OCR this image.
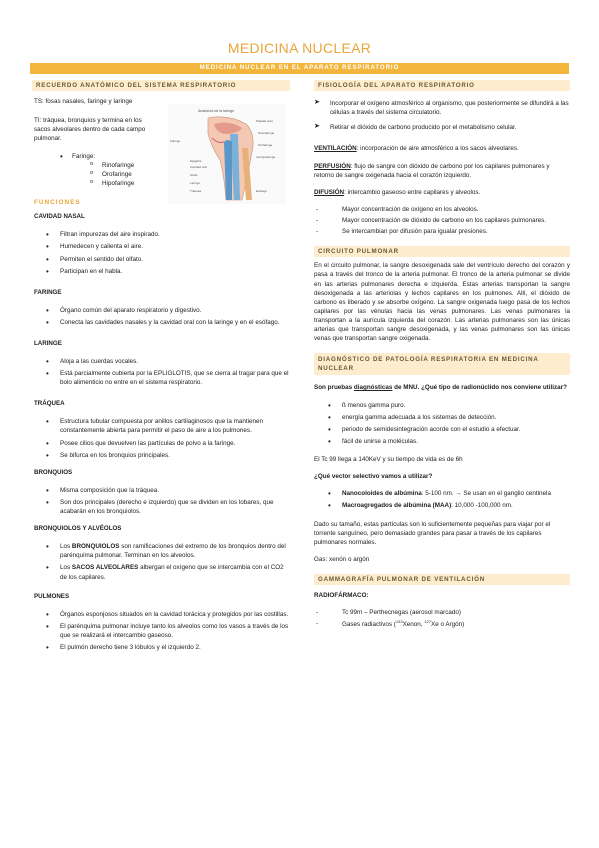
MEDICINA NUCLEAR
MEDICINA NUCLEAR EN EL APARATO RESPIRATORIO
RECUERDO ANATÓMICO DEL SISTEMA RESPIRATORIO
Anatomía de la faringe
Paladar duro
Faringe
Nasofaringe
Orofaringe
Laringofaringe
Epiglotis
Cavidad oral
Glotis
Laringe
Tráquea	Esófago
TS: fosas nasales, faringe y laringe
TI: tráquea, bronquios y termina en los sacos alveolares dentro de cada campo pulmonar.
• Faringe:
o Rinofaringe
o Orofaringe
o Hipofaringe
FUNCIONES
CAVIDAD NASAL
• Filtran impurezas del aire inspirado.
• Humedecen y calienta el aire.
• Permiten el sentido del olfato.
• Participan en el habla.
FARINGE
• Órgano común del aparato respiratorio y digestivo.
• Conecta las cavidades nasales y la cavidad oral con la laringe y en el esófago.
LARINGE
• Aloja a las cuerdas vocales.
• Está parcialmente cubierta por la EPLIGLOTIS, que se cierra al tragar para que el bolo alimenticio no entre en el sistema respiratorio.
TRÁQUEA
• Estructura tubular compuesta por anillos cartilaginosos que la mantienen constantemente abierta para permitir el paso de aire a los pulmones.
• Posee cilios que devuelven las partículas de polvo a la faringe.
• Se bifurca en los bronquios principales.
BRONQUIOS
• Misma composición que la tráquea.
• Son dos principales (derecho e izquierdo) que se dividen en los lobares, que acabarán en los bronquiolos.
BRONQUIOLOS Y ALVÉOLOS
• Los BRONQUIOLOS son ramificaciones del extremo de los bronquios dentro del parénquima pulmonar. Terminan en los alveolos.
• Los SACOS ALVEOLARES albergan el oxígeno que se intercambia con el CO2 de los capilares.
PULMONES
• Órganos esponjosos situados en la cavidad torácica y protegidos por las costillas.
• El parénquima pulmonar incluye tanto los alveolos como los vasos a través de los que se realizará el intercambio gaseoso.
• El pulmón derecho tiene 3 lóbulos y el izquierdo 2.
FISIOLOGÍA DEL APARATO RESPIRATORIO
➤ Incorporar el oxígeno atmosférico al organismo, que posteriormente se difundirá a las células a través del sistema circulatorio.
➤ Retirar el dióxido de carbono producido por el metabolismo celular.
VENTILACIÓN: incorporación de aire atmosférico a los sacos alveolares.
PERFUSIÓN: flujo de sangre con dióxido de carbono por los capilares pulmonares y retorno de sangre oxigenada hacia el corazón izquierdo.
DIFUSIÓN: intercambio gaseoso entre capilares y alveolos.
- Mayor concentración de oxígeno en los alveolos.
- Mayor concentración de dióxido de carbono en los capilares pulmonares.
- Se intercambian por difusión para igualar presiones.
CIRCUITO PULMONAR

En el circuito pulmonar, la sangre desoxigenada sale del ventrículo derecho del corazón y pasa a través del tronco de la arteria pulmonar. El tronco de la arteria pulmonar se divide en las arterias pulmonares derecha e izquierda. Estas arterias transportan la sangre desoxigenada a las arteriolas y lechos capilares en los pulmones. Allí, el dióxido de carbono es liberado y se absorbe oxígeno. La sangre oxigenada luego pasa de los lechos capilares por las vénulas hacia las venas pulmonares. Las venas pulmonares la transportan a la aurícula izquierda del corazón. Las arterias pulmonares son las únicas arterias que transportan sangre desoxigenada, y las venas pulmonares son las únicas venas que transportan sangre oxigenada.

DIAGNÓSTICO DE PATOLOGÍA RESPIRATORIA EN MEDICINA NUCLEAR
Son pruebas diagnósticas de MNU. ¿Qué tipo de radionúclido nos conviene utilizar?
• ß menos gamma puro.
• energía gamma adecuada a los sistemas de detección.
• periodo de semidesintegración acorde con el estudio a efectuar.
• fácil de unirse a moléculas.
El Tc 99 llega a 140KeV y su tiempo de vida es de 6h
¿Qué vector selectivo vamos a utilizar?
• Nanocoloides de albúmina: 5-100 nm. → Se usan en el ganglio centinela
• Macroagregados de albúmina (MAA): 10,000 -100,000 nm.

Dado su tamaño, estas partículas son lo suficientemente pequeñas para viajar por el torrente sanguíneo, pero demasiado grandes para pasar a través de los capilares pulmonares normales.

Gas: xenón o argón
GAMMAGRAFÍA PULMONAR DE VENTILACIÓN
RADIOFÁRMACO:
- Tc 99m – Perthecnegas (aerosol marcado)
- Gases radiactivos ($^{133}$Xenon, $^{127}$Xe o Argón)
